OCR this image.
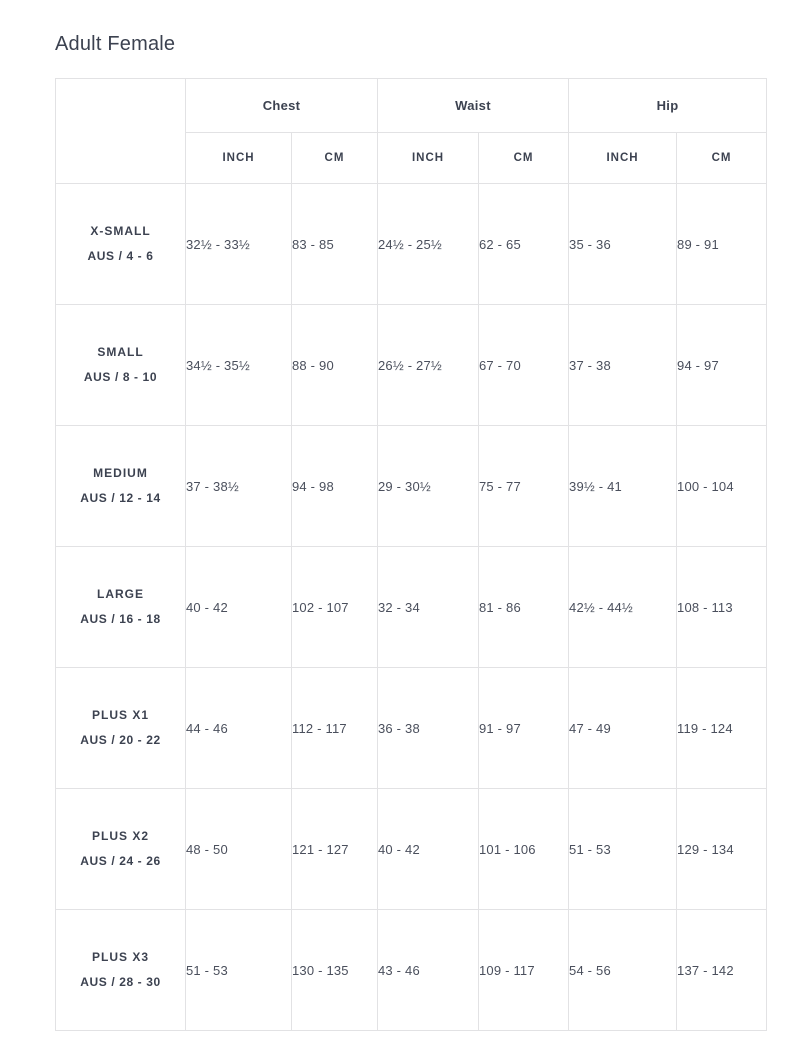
Adult Female
	Chest		Waist		Hip	
	INCH	CM	INCH	CM	INCH	CM

X-SMALL
AUS / 4 - 6	32½ - 33½	83 - 85	24½ - 25½	62 - 65	35 - 36	89 - 91

SMALL
AUS / 8 - 10	34½ - 35½	88 - 90	26½ - 27½	67 - 70	37 - 38	94 - 97

MEDIUM
AUS / 12 - 14	37 - 38½	94 - 98	29 - 30½	75 - 77	39½ - 41	100 - 104

LARGE
AUS / 16 - 18	40 - 42	102 - 107	32 - 34	81 - 86	42½ - 44½	108 - 113

PLUS X1
AUS / 20 - 22	44 - 46	112 - 117	36 - 38	91 - 97	47 - 49	119 - 124

PLUS X2
AUS / 24 - 26	48 - 50	121 - 127	40 - 42	101 - 106	51 - 53	129 - 134

PLUS X3
AUS / 28 - 30	51 - 53	130 - 135	43 - 46	109 - 117	54 - 56	137 - 142
